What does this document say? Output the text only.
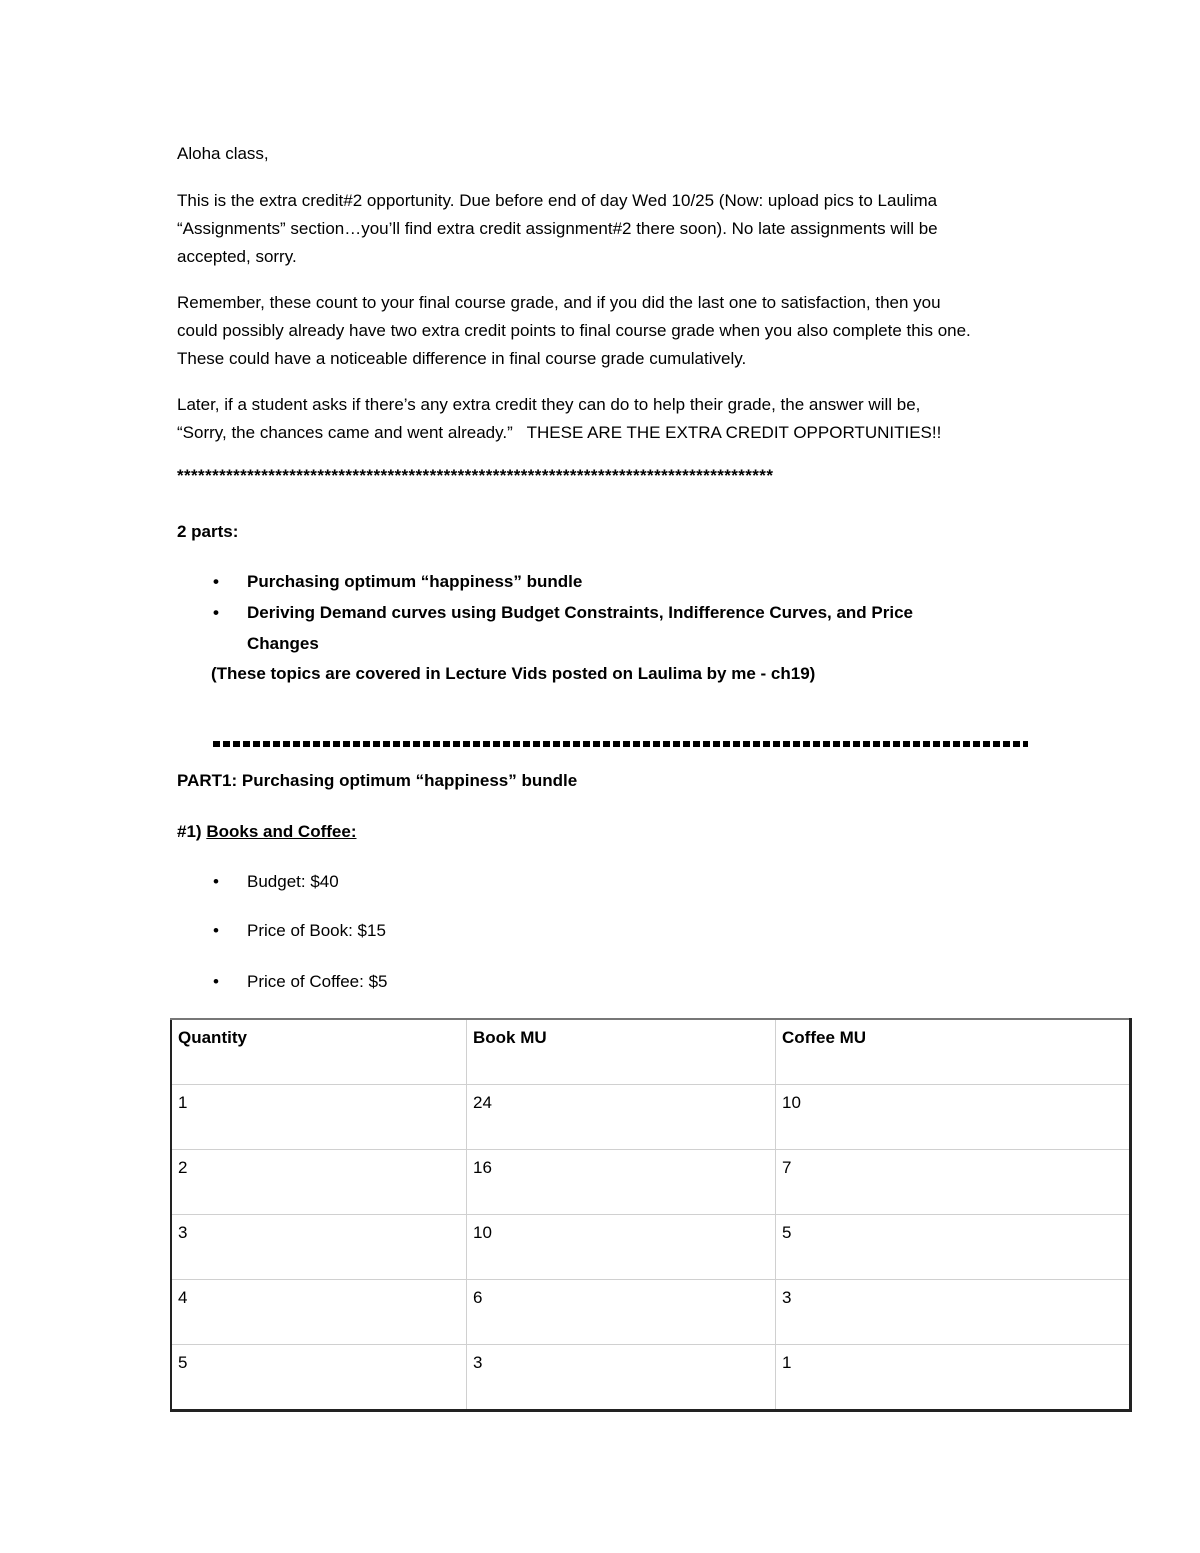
Aloha class,
This is the extra credit#2 opportunity. Due before end of day Wed 10/25 (Now: upload pics to Laulima
“Assignments” section…you’ll find extra credit assignment#2 there soon). No late assignments will be
accepted, sorry.
Remember, these count to your final course grade, and if you did the last one to satisfaction, then you
could possibly already have two extra credit points to final course grade when you also complete this one.
These could have a noticeable difference in final course grade cumulatively.
Later, if a student asks if there’s any extra credit they can do to help their grade, the answer will be,
“Sorry, the chances came and went already.” THESE ARE THE EXTRA CREDIT OPPORTUNITIES!!
*************************************************************************************
2 parts:
• Purchasing optimum “happiness” bundle
• Deriving Demand curves using Budget Constraints, Indifference Curves, and Price
Changes
(These topics are covered in Lecture Vids posted on Laulima by me - ch19)
PART1: Purchasing optimum “happiness” bundle
#1) Books and Coffee:
• Budget: $40
• Price of Book: $15
• Price of Coffee: $5
Quantity	Book MU	Coffee MU
1	24	10
2	16	7
3	10	5
4	6	3
5	3	1
